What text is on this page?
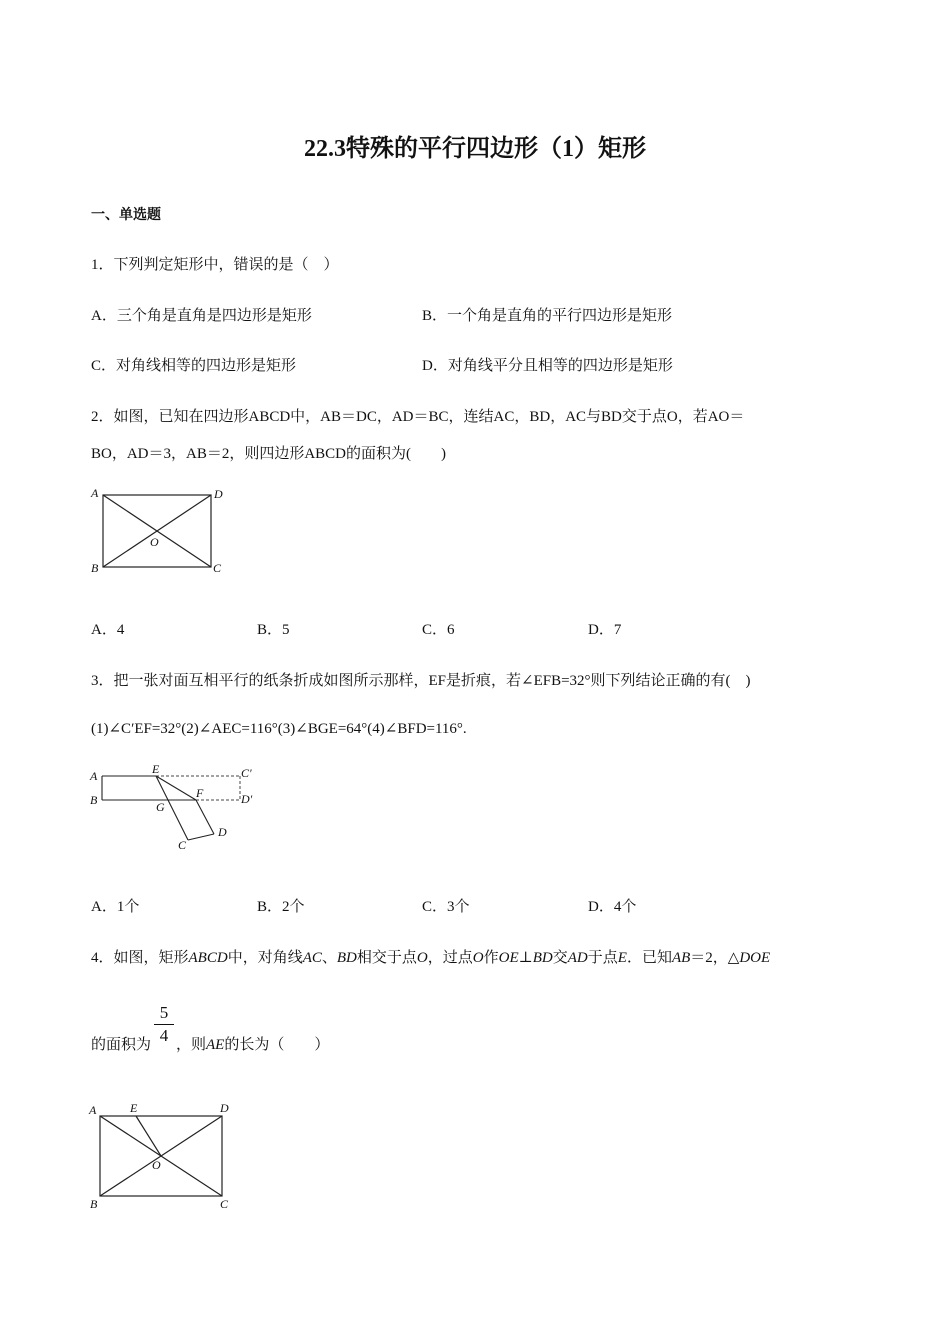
22.3特殊的平行四边形（1）矩形
一、单选题
1．下列判定矩形中，错误的是（　）
A．三个角是直角是四边形是矩形	B．一个角是直角的平行四边形是矩形
C．对角线相等的四边形是矩形	D．对角线平分且相等的四边形是矩形
2．如图，已知在四边形ABCD中，AB＝DC，AD＝BC，连结AC，BD，AC与BD交于点O，若AO＝
BO，AD＝3，AB＝2，则四边形ABCD的面积为(　　)
A	D
B	C
O
A．4	B．5	C．6	D．7
3．把一张对面互相平行的纸条折成如图所示那样，EF是折痕，若∠EFB=32°则下列结论正确的有(　)
(1)∠C′EF=32°(2)∠AEC=116°(3)∠BGE=64°(4)∠BFD=116°.
A
B
E
F
G
C'
D'
C
D
A．1个	B．2个	C．3个	D．4个
4．如图，矩形ABCD中，对角线AC、BD相交于点O，过点O作OE⊥BD交AD于点E．已知AB＝2，△DOE
5
4
的面积为 ，则AE的长为（　　）
A	E	D
O
B	C
